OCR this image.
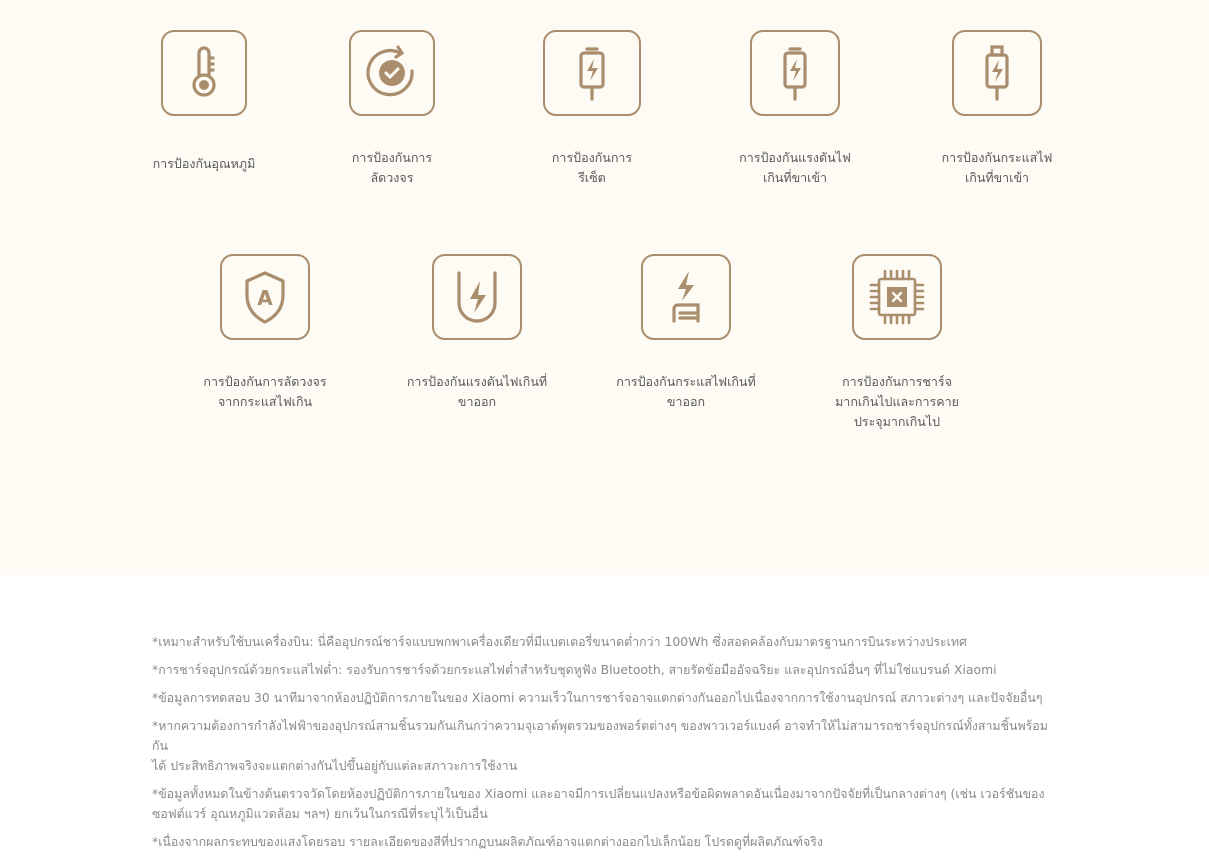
การป้องกันอุณหภูมิ	การป้องกันการ
ลัดวงจร
การป้องกันการ
รีเซ็ต
การป้องกันแรงดันไฟ
เกินที่ขาเข้า
การป้องกันกระแสไฟ
เกินที่ขาเข้า
A
การป้องกันการลัดวงจร
จากกระแสไฟเกิน
การป้องกันแรงดันไฟเกินที่
ขาออก
การป้องกันกระแสไฟเกินที่
ขาออก
การป้องกันการชาร์จ
มากเกินไปและการคาย
ประจุมากเกินไป
*เหมาะสำหรับใช้บนเครื่องบิน: นี่คืออุปกรณ์ชาร์จแบบพกพาเครื่องเดียวที่มีแบตเตอรี่ขนาดต่ำกว่า 100Wh ซึ่งสอดคล้องกับมาตรฐานการบินระหว่างประเทศ
*การชาร์จอุปกรณ์ด้วยกระแสไฟต่ำ: รองรับการชาร์จด้วยกระแสไฟต่ำสำหรับชุดหูฟัง Bluetooth, สายรัดข้อมืออัจฉริยะ และอุปกรณ์อื่นๆ ที่ไม่ใช่แบรนด์ Xiaomi
*ข้อมูลการทดสอบ 30 นาทีมาจากห้องปฏิบัติการภายในของ Xiaomi ความเร็วในการชาร์จอาจแตกต่างกันออกไปเนื่องจากการใช้งานอุปกรณ์ สภาวะต่างๆ และปัจจัยอื่นๆ
*หากความต้องการกำลังไฟฟ้าของอุปกรณ์สามชิ้นรวมกันเกินกว่าความจุเอาต์พุตรวมของพอร์ตต่างๆ ของพาวเวอร์แบงค์ อาจทำให้ไม่สามารถชาร์จอุปกรณ์ทั้งสามชิ้นพร้อมกัน
ได้ ประสิทธิภาพจริงจะแตกต่างกันไปขึ้นอยู่กับแต่ละสภาวะการใช้งาน
*ข้อมูลทั้งหมดในข้างต้นตรวจวัดโดยห้องปฏิบัติการภายในของ Xiaomi และอาจมีการเปลี่ยนแปลงหรือข้อผิดพลาดอันเนื่องมาจากปัจจัยที่เป็นกลางต่างๆ (เช่น เวอร์ชันของ
ซอฟต์แวร์ อุณหภูมิแวดล้อม ฯลฯ) ยกเว้นในกรณีที่ระบุไว้เป็นอื่น
*เนื่องจากผลกระทบของแสงโดยรอบ รายละเอียดของสีที่ปรากฏบนผลิตภัณฑ์อาจแตกต่างออกไปเล็กน้อย โปรดดูที่ผลิตภัณฑ์จริง
